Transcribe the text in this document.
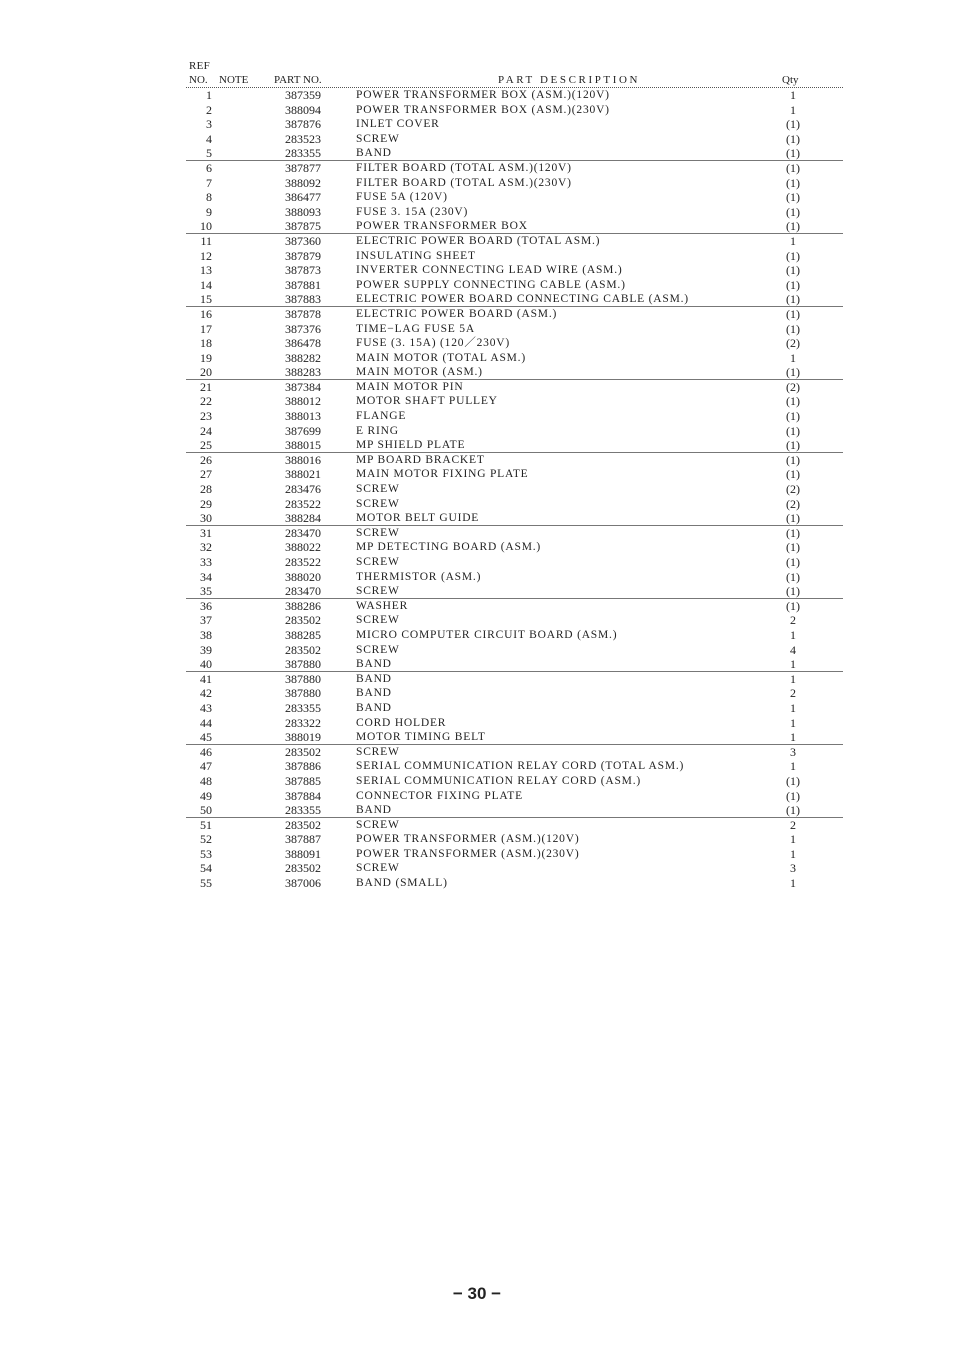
REF
NO. NOTE PART NO.	PART DESCRIPTION	Qty
1	387359	POWER TRANSFORMER BOX (ASM.)(120V)	1
2	388094	POWER TRANSFORMER BOX (ASM.)(230V)	1
3	387876	INLET COVER	(1)
4	283523	SCREW	(1)
5	283355	BAND	(1)
6	387877	FILTER BOARD (TOTAL ASM.)(120V)	(1)
7	388092	FILTER BOARD (TOTAL ASM.)(230V)	(1)
8	386477	FUSE 5A (120V)	(1)
9	388093	FUSE 3. 15A (230V)	(1)
10	387875	POWER TRANSFORMER BOX	(1)
11	387360	ELECTRIC POWER BOARD (TOTAL ASM.)	1
12	387879	INSULATING SHEET	(1)
13	387873	INVERTER CONNECTING LEAD WIRE (ASM.)	(1)
14	387881	POWER SUPPLY CONNECTING CABLE (ASM.)	(1)
15	387883	ELECTRIC POWER BOARD CONNECTING CABLE (ASM.)	(1)
16	387878	ELECTRIC POWER BOARD (ASM.)	(1)
17	387376	TIME−LAG FUSE 5A	(1)
18	386478	FUSE (3. 15A) (120／230V)	(2)
19	388282	MAIN MOTOR (TOTAL ASM.)	1
20	388283	MAIN MOTOR (ASM.)	(1)
21	387384	MAIN MOTOR PIN	(2)
22	388012	MOTOR SHAFT PULLEY	(1)
23	388013	FLANGE	(1)
24	387699	E RING	(1)
25	388015	MP SHIELD PLATE	(1)
26	388016	MP BOARD BRACKET	(1)
27	388021	MAIN MOTOR FIXING PLATE	(1)
28	283476	SCREW	(2)
29	283522	SCREW	(2)
30	388284	MOTOR BELT GUIDE	(1)
31	283470	SCREW	(1)
32	388022	MP DETECTING BOARD (ASM.)	(1)
33	283522	SCREW	(1)
34	388020	THERMISTOR (ASM.)	(1)
35	283470	SCREW	(1)
36	388286	WASHER	(1)
37	283502	SCREW	2
38	388285	MICRO COMPUTER CIRCUIT BOARD (ASM.)	1
39	283502	SCREW	4
40	387880	BAND	1
41	387880	BAND	1
42	387880	BAND	2
43	283355	BAND	1
44	283322	CORD HOLDER	1
45	388019	MOTOR TIMING BELT	1
46	283502	SCREW	3
47	387886	SERIAL COMMUNICATION RELAY CORD (TOTAL ASM.)	1
48	387885	SERIAL COMMUNICATION RELAY CORD (ASM.)	(1)
49	387884	CONNECTOR FIXING PLATE	(1)
50	283355	BAND	(1)
51	283502	SCREW	2
52	387887	POWER TRANSFORMER (ASM.)(120V)	1
53	388091	POWER TRANSFORMER (ASM.)(230V)	1
54	283502	SCREW	3
55	387006	BAND (SMALL)	1
− 30 −
